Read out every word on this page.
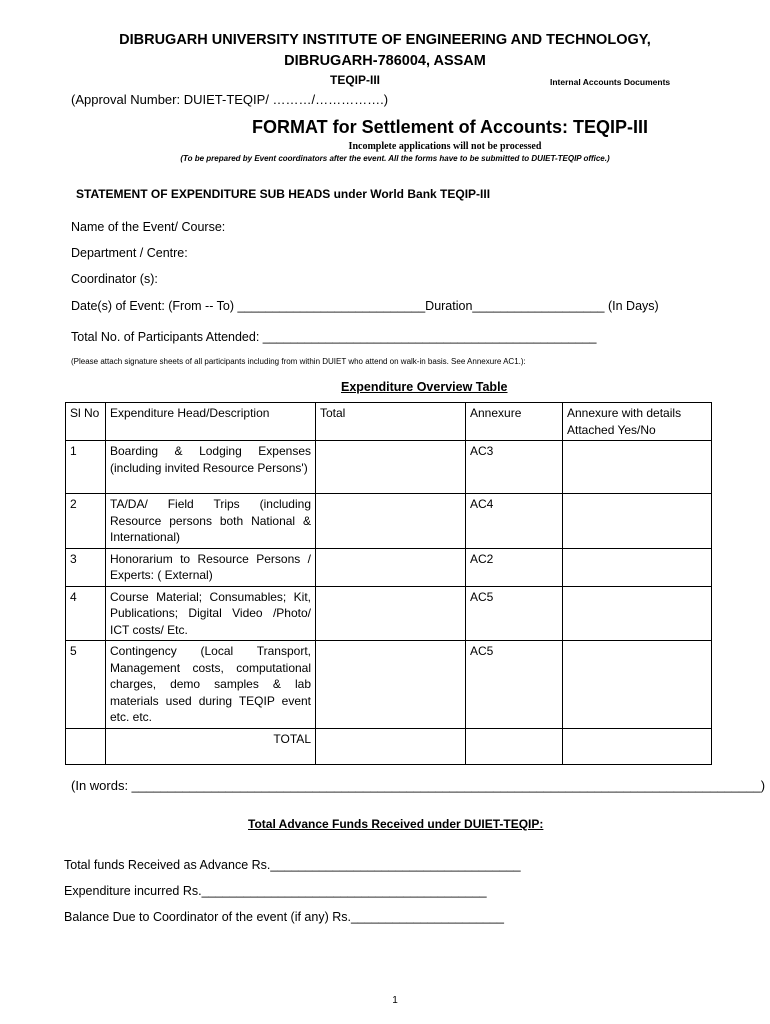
DIBRUGARH UNIVERSITY INSTITUTE OF ENGINEERING AND TECHNOLOGY,
DIBRUGARH-786004, ASSAM
TEQIP-III	Internal Accounts Documents
(Approval Number: DUIET-TEQIP/ ………/…………….)
FORMAT for Settlement of Accounts: TEQIP-III
Incomplete applications will not be processed
(To be prepared by Event coordinators after the event. All the forms have to be submitted to DUIET-TEQIP office.)
STATEMENT OF EXPENDITURE SUB HEADS under World Bank TEQIP-III
Name of the Event/ Course:
Department / Centre:
Coordinator (s):
Date(s) of Event: (From -- To) ___________________________Duration___________________ (In Days)
Total No. of Participants Attended: ________________________________________________
(Please attach signature sheets of all participants including from within DUIET who attend on walk-in basis. See Annexure AC1.):
Expenditure Overview Table
Sl No	Expenditure Head/Description	Total	Annexure	Annexure with details Attached Yes/No
1	Boarding & Lodging Expenses (including invited Resource Persons')		AC3	
2	TA/DA/ Field Trips (including Resource persons both National & International)		AC4	
3	Honorarium to Resource Persons / Experts: ( External)		AC2	
4	Course Material; Consumables; Kit, Publications; Digital Video /Photo/ ICT costs/ Etc.		AC5	
5	Contingency (Local Transport, Management costs, computational charges, demo samples & lab materials used during TEQIP event etc. etc.		AC5	
	TOTAL			
(In words: _______________________________________________________________________________________)
Total Advance Funds Received under DUIET-TEQIP:
Total funds Received as Advance Rs.____________________________________
Expenditure incurred Rs._________________________________________
Balance Due to Coordinator of the event (if any) Rs.______________________
1
